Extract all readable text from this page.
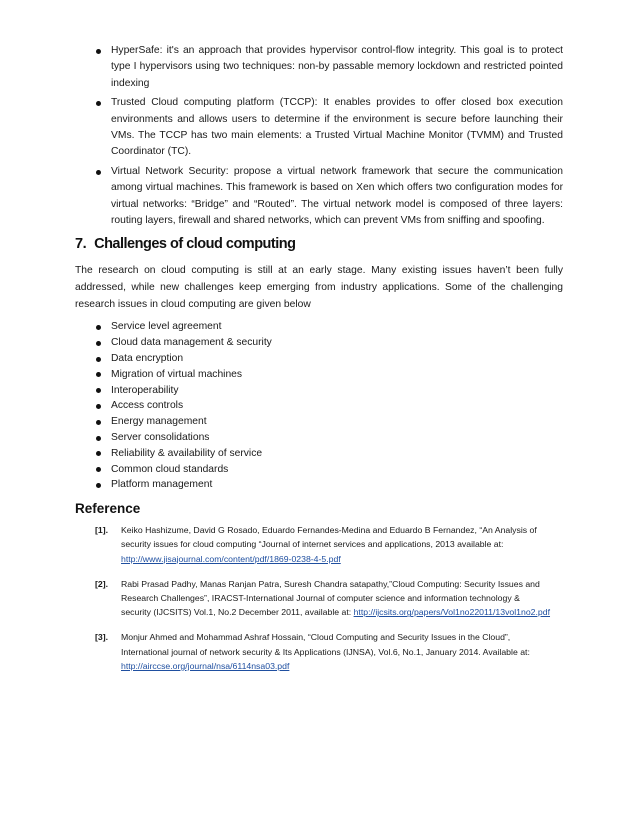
HyperSafe: it's an approach that provides hypervisor control-flow integrity. This goal is to protect type I hypervisors using two techniques: non-by passable memory lockdown and restricted pointed indexing
Trusted Cloud computing platform (TCCP): It enables provides to offer closed box execution environments and allows users to determine if the environment is secure before launching their VMs. The TCCP has two main elements: a Trusted Virtual Machine Monitor (TVMM) and Trusted Coordinator (TC).
Virtual Network Security: propose a virtual network framework that secure the communication among virtual machines. This framework is based on Xen which offers two configuration modes for virtual networks: “Bridge” and “Routed”. The virtual network model is composed of three layers: routing layers, firewall and shared networks, which can prevent VMs from sniffing and spoofing.
7. Challenges of cloud computing

The research on cloud computing is still at an early stage. Many existing issues haven’t been fully addressed, while new challenges keep emerging from industry applications. Some of the challenging research issues in cloud computing are given below

Service level agreement
Cloud data management & security
Data encryption
Migration of virtual machines
Interoperability
Access controls
Energy management
Server consolidations
Reliability & availability of service
Common cloud standards
Platform management
Reference
[1]. Keiko Hashizume, David G Rosado, Eduardo Fernandes-Medina and Eduardo B Fernandez, “An Analysis of security issues for cloud computing “Journal of internet services and applications, 2013 available at: http://www.jisajournal.com/content/pdf/1869-0238-4-5.pdf
[2]. Rabi Prasad Padhy, Manas Ranjan Patra, Suresh Chandra satapathy,”Cloud Computing: Security Issues and Research Challenges”, IRACST-International Journal of computer science and information technology & security (IJCSITS) Vol.1, No.2 December 2011, available at: http://ijcsits.org/papers/Vol1no22011/13vol1no2.pdf
[3]. Monjur Ahmed and Mohammad Ashraf Hossain, “Cloud Computing and Security Issues in the Cloud”, International journal of network security & Its Applications (IJNSA), Vol.6, No.1, January 2014. Available at: http://airccse.org/journal/nsa/6114nsa03.pdf
